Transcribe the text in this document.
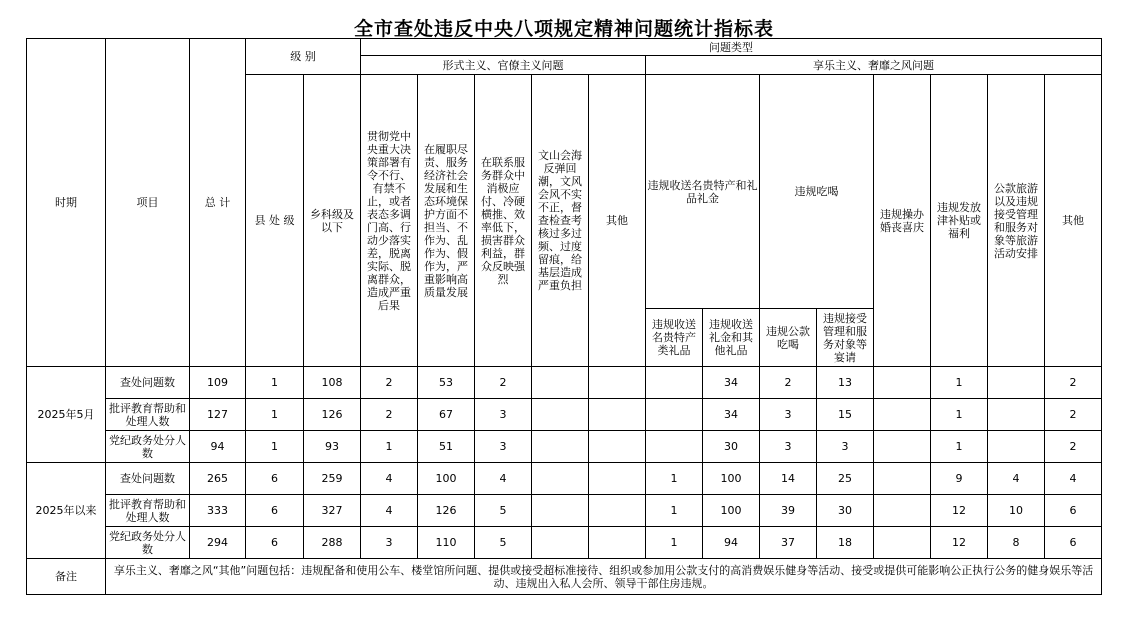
全市查处违反中央八项规定精神问题统计指标表
时期	项目	总 计	级 别		问题类型												
					形式主义、官僚主义问题					享乐主义、奢靡之风问题							
			县 处 级	乡科级及以下	贯彻党中央重大决策部署有令不行、有禁不止，或者表态多调门高、行动少落实差，脱离实际、脱离群众，造成严重后果	在履职尽责、服务经济社会发展和生态环境保护方面不担当、不作为、乱作为、假作为，严重影响高质量发展	在联系服务群众中消极应付、冷硬横推、效率低下，损害群众利益，群众反映强烈	文山会海反弹回潮，文风会风不实不正，督查检查考核过多过频、过度留痕，给基层造成严重负担	其他	违规收送名贵特产和礼品礼金		违规吃喝		违规操办婚丧喜庆	违规发放津补贴或福利	公款旅游以及违规接受管理和服务对象等旅游活动安排	其他
										违规收送名贵特产类礼品	违规收送礼金和其他礼品	违规公款吃喝	违规接受管理和服务对象等宴请				
2025年5月	查处问题数	109	1	108	2	53	2				34	2	13		1		2
	批评教育帮助和处理人数	127	1	126	2	67	3				34	3	15		1		2
	党纪政务处分人数	94	1	93	1	51	3				30	3	3		1		2
2025年以来	查处问题数	265	6	259	4	100	4			1	100	14	25		9	4	4
	批评教育帮助和处理人数	333	6	327	4	126	5			1	100	39	30		12	10	6
	党纪政务处分人数	294	6	288	3	110	5			1	94	37	18		12	8	6
备注	享乐主义、奢靡之风“其他”问题包括：违规配备和使用公车、楼堂馆所问题、提供或接受超标准接待、组织或参加用公款支付的高消费娱乐健身等活动、接受或提供可能影响公正执行公务的健身娱乐等活动、违规出入私人会所、领导干部住房违规。																
